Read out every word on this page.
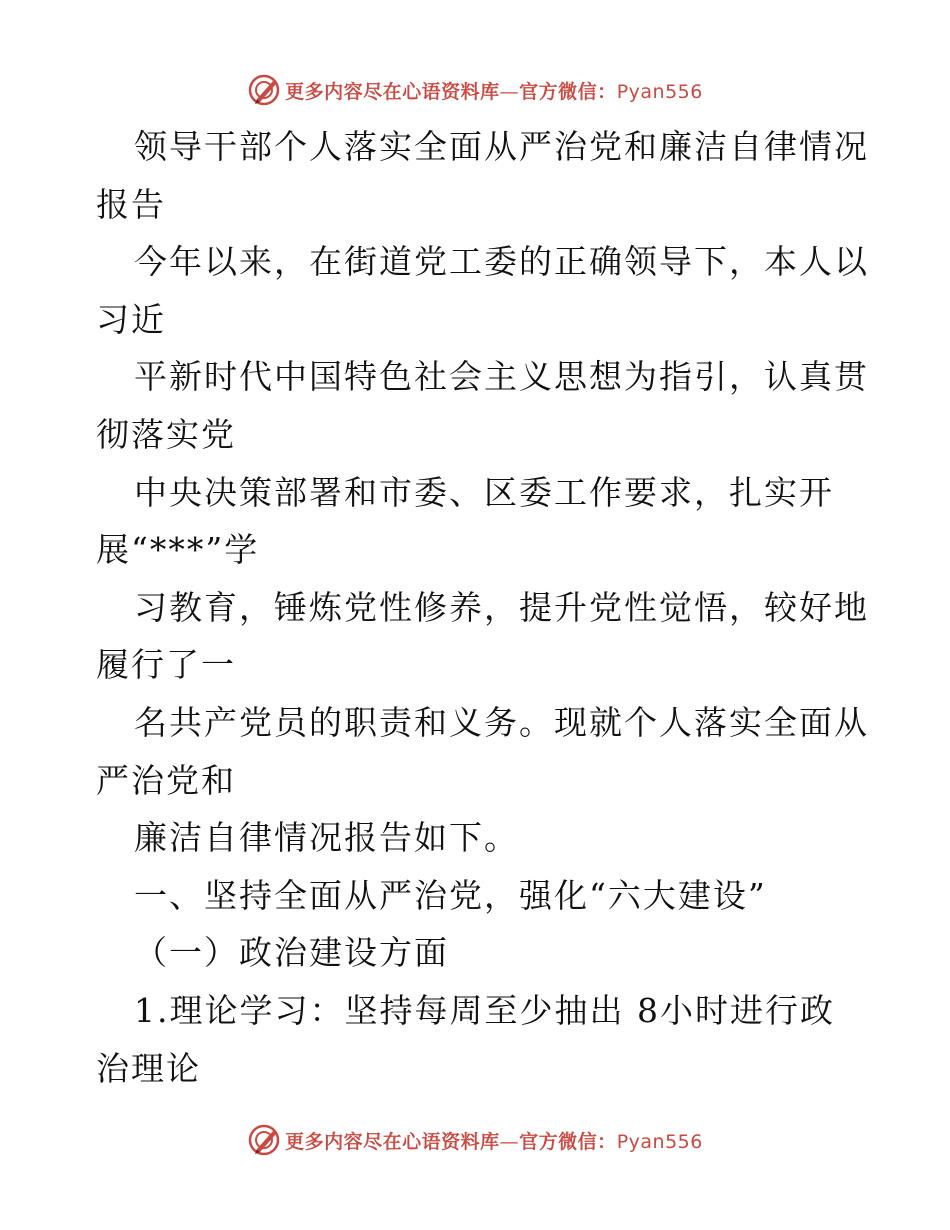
更多内容尽在心语资料库—官方微信：Pyan556
领导干部个人落实全面从严治党和廉洁自律情况
报告
今年以来，在街道党工委的正确领导下，本人以
习近
平新时代中国特色社会主义思想为指引，认真贯
彻落实党
中央决策部署和市委、区委工作要求，扎实开
展“***”学
习教育，锤炼党性修养，提升党性觉悟，较好地
履行了一
名共产党员的职责和义务。现就个人落实全面从
严治党和
廉洁自律情况报告如下。
一、坚持全面从严治党，强化“六大建设”
（一）政治建设方面
1.理论学习：坚持每周至少抽出 8小时进行政
治理论
更多内容尽在心语资料库—官方微信：Pyan556
